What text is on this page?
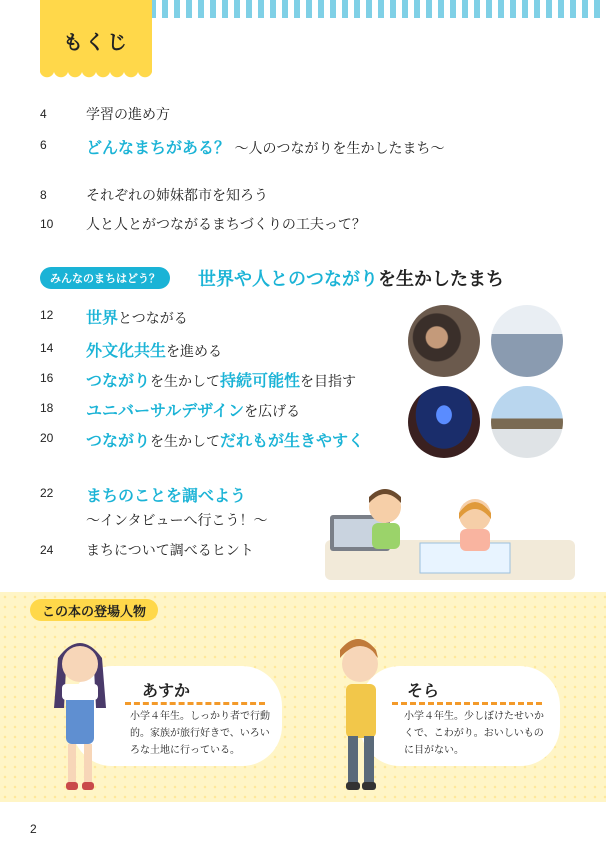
もくじ
4	学習の進め方
6 どんなまちがある？ 〜人のつながりを生かしたまち〜
8	それぞれの姉妹都市を知ろう
10 人と人とがつながるまちづくりの工夫って？
みんなのまちはどう？	世界や人とのつながりを生かしたまち
12 世界とつながる
14 外文化共生を進める
16 つながりを生かして持続可能性を目指す
18 ユニバーサルデザインを広げる
20 つながりを生かしてだれもが生きやすく
22 まちのことを調べよう
〜インタビューへ行こう！〜
24 まちについて調べるヒント
この本の登場人物
あすか
小学４年生。しっかり者で行動的。家族が旅行好きで、いろいろな土地に行っている。
そら
小学４年生。少しぼけたせいかくで、こわがり。おいしいものに目がない。
2
